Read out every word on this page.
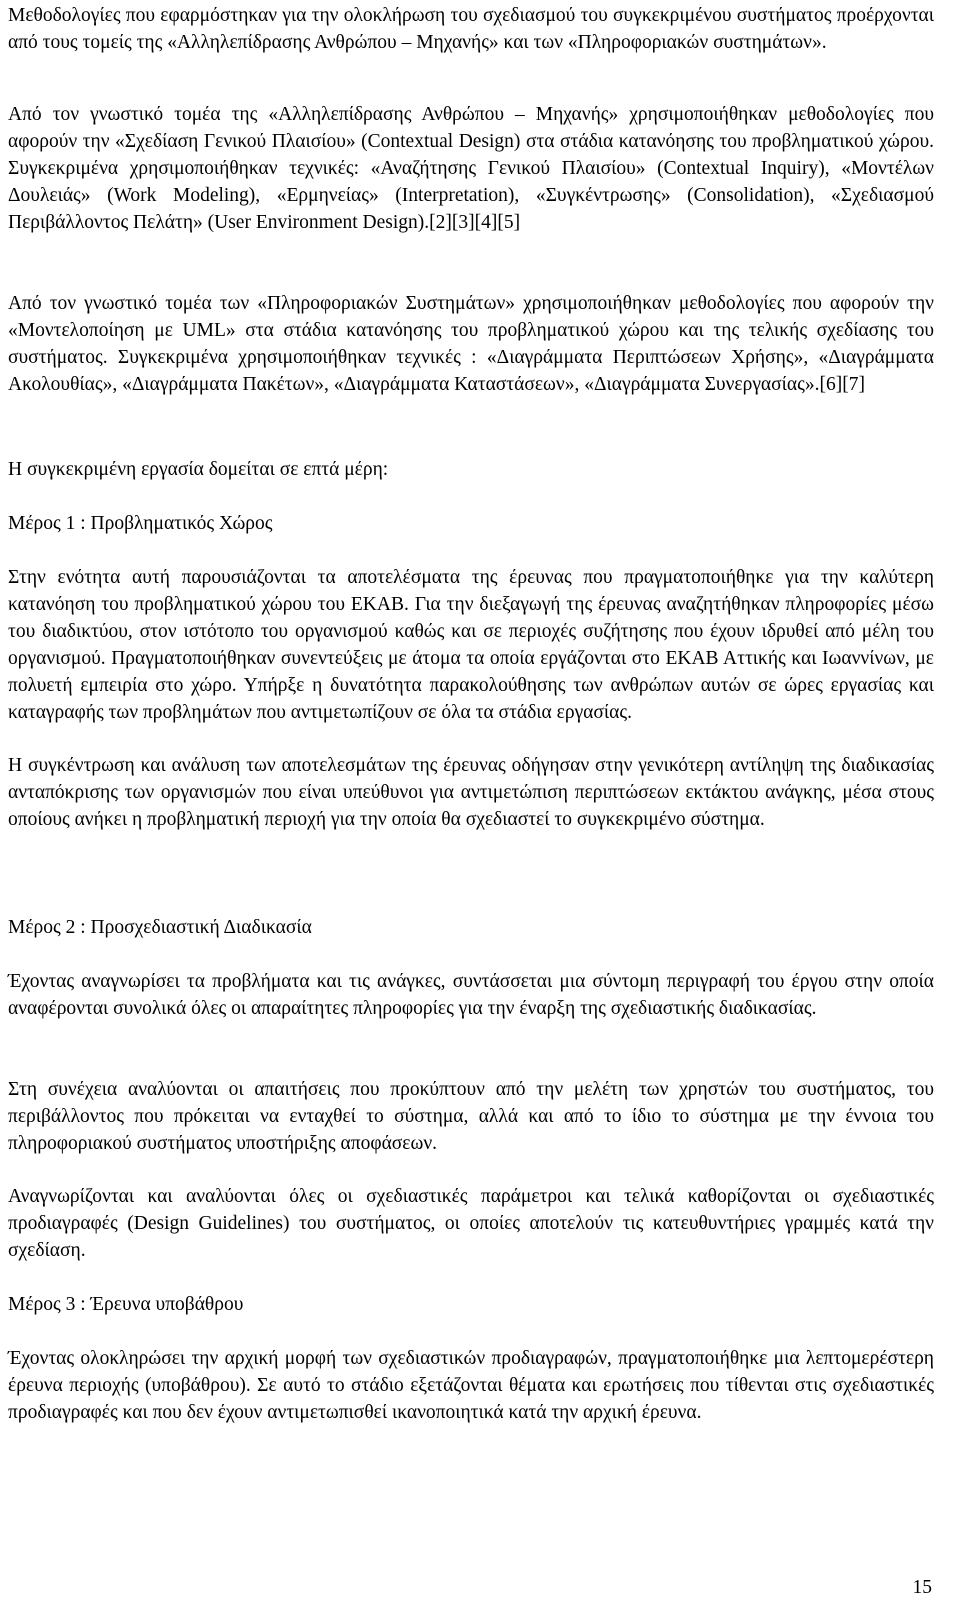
Μεθοδολογίες που εφαρμόστηκαν για την ολοκλήρωση του σχεδιασμού του συγκεκριμένου συστήματος προέρχονται από τους τομείς της «Αλληλεπίδρασης Ανθρώπου – Μηχανής» και των «Πληροφοριακών συστημάτων».

Από τον γνωστικό τομέα της «Αλληλεπίδρασης Ανθρώπου – Μηχανής» χρησιμοποιήθηκαν μεθοδολογίες που αφορούν την «Σχεδίαση Γενικού Πλαισίου» (Contextual Design) στα στάδια κατανόησης του προβληματικού χώρου. Συγκεκριμένα χρησιμοποιήθηκαν τεχνικές: «Αναζήτησης Γενικού Πλαισίου» (Contextual Inquiry), «Μοντέλων Δουλειάς» (Work Modeling), «Ερμηνείας» (Interpretation), «Συγκέντρωσης» (Consolidation), «Σχεδιασμού Περιβάλλοντος Πελάτη» (User Environment Design).[2][3][4][5]

Από τον γνωστικό τομέα των «Πληροφοριακών Συστημάτων» χρησιμοποιήθηκαν μεθοδολογίες που αφορούν την «Μοντελοποίηση με UML» στα στάδια κατανόησης του προβληματικού χώρου και της τελικής σχεδίασης του συστήματος. Συγκεκριμένα χρησιμοποιήθηκαν τεχνικές : «Διαγράμματα Περιπτώσεων Χρήσης», «Διαγράμματα Ακολουθίας», «Διαγράμματα Πακέτων», «Διαγράμματα Καταστάσεων», «Διαγράμματα Συνεργασίας».[6][7]

Η συγκεκριμένη εργασία δομείται σε επτά μέρη:

Μέρος 1 : Προβληματικός Χώρος

Στην ενότητα αυτή παρουσιάζονται τα αποτελέσματα της έρευνας που πραγματοποιήθηκε για την καλύτερη κατανόηση του προβληματικού χώρου του ΕΚΑΒ. Για την διεξαγωγή της έρευνας αναζητήθηκαν πληροφορίες μέσω του διαδικτύου, στον ιστότοπο του οργανισμού καθώς και σε περιοχές συζήτησης που έχουν ιδρυθεί από μέλη του οργανισμού. Πραγματοποιήθηκαν συνεντεύξεις με άτομα τα οποία εργάζονται στο ΕΚΑΒ Αττικής και Ιωαννίνων, με πολυετή εμπειρία στο χώρο. Υπήρξε η δυνατότητα παρακολούθησης των ανθρώπων αυτών σε ώρες εργασίας και καταγραφής των προβλημάτων που αντιμετωπίζουν σε όλα τα στάδια εργασίας.

Η συγκέντρωση και ανάλυση των αποτελεσμάτων της έρευνας οδήγησαν στην γενικότερη αντίληψη της διαδικασίας ανταπόκρισης των οργανισμών που είναι υπεύθυνοι για αντιμετώπιση περιπτώσεων εκτάκτου ανάγκης, μέσα στους οποίους ανήκει η προβληματική περιοχή για την οποία θα σχεδιαστεί το συγκεκριμένο σύστημα.

Μέρος 2 : Προσχεδιαστική Διαδικασία

Έχοντας αναγνωρίσει τα προβλήματα και τις ανάγκες, συντάσσεται μια σύντομη περιγραφή του έργου στην οποία αναφέρονται συνολικά όλες οι απαραίτητες πληροφορίες για την έναρξη της σχεδιαστικής διαδικασίας.

Στη συνέχεια αναλύονται οι απαιτήσεις που προκύπτουν από την μελέτη των χρηστών του συστήματος, του περιβάλλοντος που πρόκειται να ενταχθεί το σύστημα, αλλά και από το ίδιο το σύστημα με την έννοια του πληροφοριακού συστήματος υποστήριξης αποφάσεων.

Αναγνωρίζονται και αναλύονται όλες οι σχεδιαστικές παράμετροι και τελικά καθορίζονται οι σχεδιαστικές προδιαγραφές (Design Guidelines) του συστήματος, οι οποίες αποτελούν τις κατευθυντήριες γραμμές κατά την σχεδίαση.

Μέρος 3 : Έρευνα υποβάθρου

Έχοντας ολοκληρώσει την αρχική μορφή των σχεδιαστικών προδιαγραφών, πραγματοποιήθηκε μια λεπτομερέστερη έρευνα περιοχής (υποβάθρου). Σε αυτό το στάδιο εξετάζονται θέματα και ερωτήσεις που τίθενται στις σχεδιαστικές προδιαγραφές και που δεν έχουν αντιμετωπισθεί ικανοποιητικά κατά την αρχική έρευνα.

15
